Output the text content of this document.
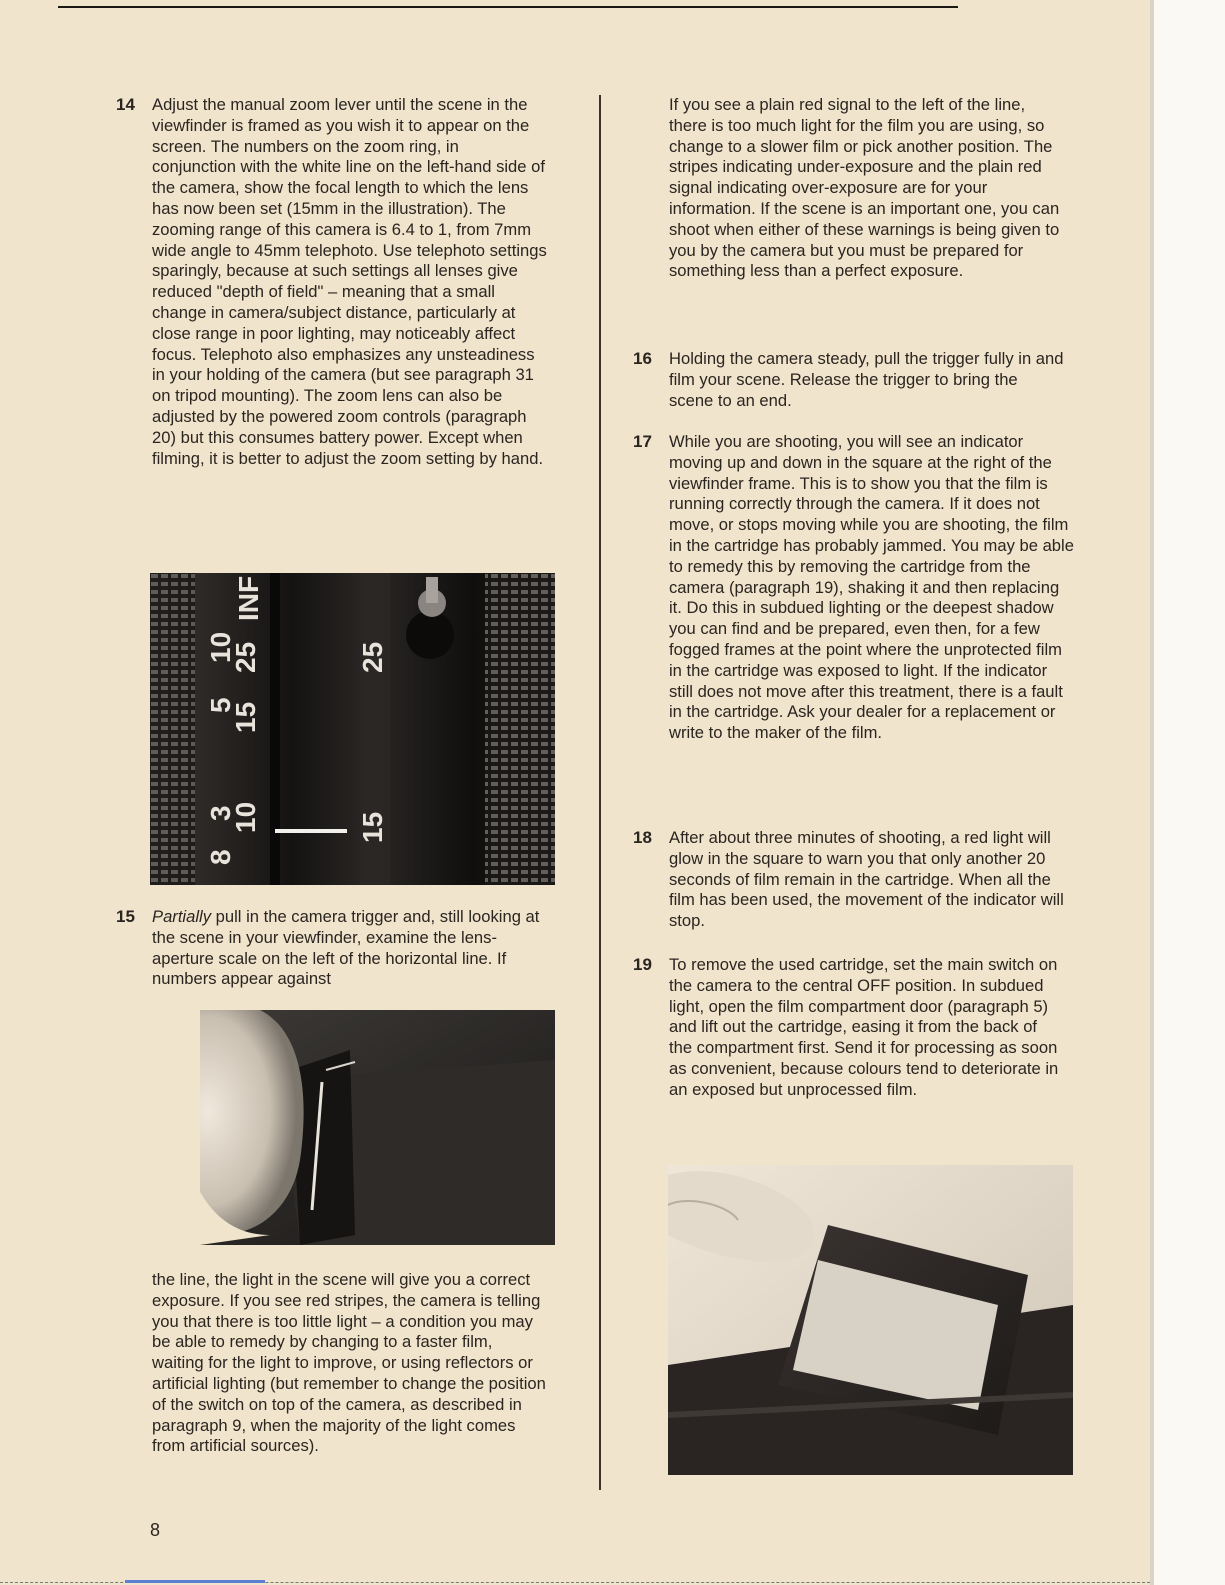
14 Adjust the manual zoom lever until the scene in the viewfinder is framed as you wish it to appear on the screen. The numbers on the zoom ring, in conjunction with the white line on the left-hand side of the camera, show the focal length to which the lens has now been set (15mm in the illustration). The zooming range of this camera is 6.4 to 1, from 7mm wide angle to 45mm telephoto. Use telephoto settings sparingly, because at such settings all lenses give reduced "depth of field" – meaning that a small change in camera/subject distance, particularly at close range in poor lighting, may noticeably affect focus. Telephoto also emphasizes any unsteadiness in your holding of the camera (but see paragraph 31 on tripod mounting). The zoom lens can also be adjusted by the powered zoom controls (paragraph 20) but this consumes battery power. Except when filming, it is better to adjust the zoom setting by hand.

8
3
5
10
10
15
25
15
25
INF
15 Partially pull in the camera trigger and, still looking at the scene in your viewfinder, examine the lens-aperture scale on the left of the horizontal line. If numbers appear against

the line, the light in the scene will give you a correct exposure. If you see red stripes, the camera is telling you that there is too little light – a condition you may be able to remedy by changing to a faster film, waiting for the light to improve, or using reflectors or artificial lighting (but remember to change the position of the switch on top of the camera, as described in paragraph 9, when the majority of the light comes from artificial sources).

If you see a plain red signal to the left of the line, there is too much light for the film you are using, so change to a slower film or pick another position. The stripes indicating under-exposure and the plain red signal indicating over-exposure are for your information. If the scene is an important one, you can shoot when either of these warnings is being given to you by the camera but you must be prepared for something less than a perfect exposure.

16 Holding the camera steady, pull the trigger fully in and film your scene. Release the trigger to bring the scene to an end.

17 While you are shooting, you will see an indicator moving up and down in the square at the right of the viewfinder frame. This is to show you that the film is running correctly through the camera. If it does not move, or stops moving while you are shooting, the film in the cartridge has probably jammed. You may be able to remedy this by removing the cartridge from the camera (paragraph 19), shaking it and then replacing it. Do this in subdued lighting or the deepest shadow you can find and be prepared, even then, for a few fogged frames at the point where the unprotected film in the cartridge was exposed to light. If the indicator still does not move after this treatment, there is a fault in the cartridge. Ask your dealer for a replacement or write to the maker of the film.

18 After about three minutes of shooting, a red light will glow in the square to warn you that only another 20 seconds of film remain in the cartridge. When all the film has been used, the movement of the indicator will stop.

19 To remove the used cartridge, set the main switch on the camera to the central OFF position. In subdued light, open the film compartment door (paragraph 5) and lift out the cartridge, easing it from the back of the compartment first. Send it for processing as soon as convenient, because colours tend to deteriorate in an exposed but unprocessed film.

8
